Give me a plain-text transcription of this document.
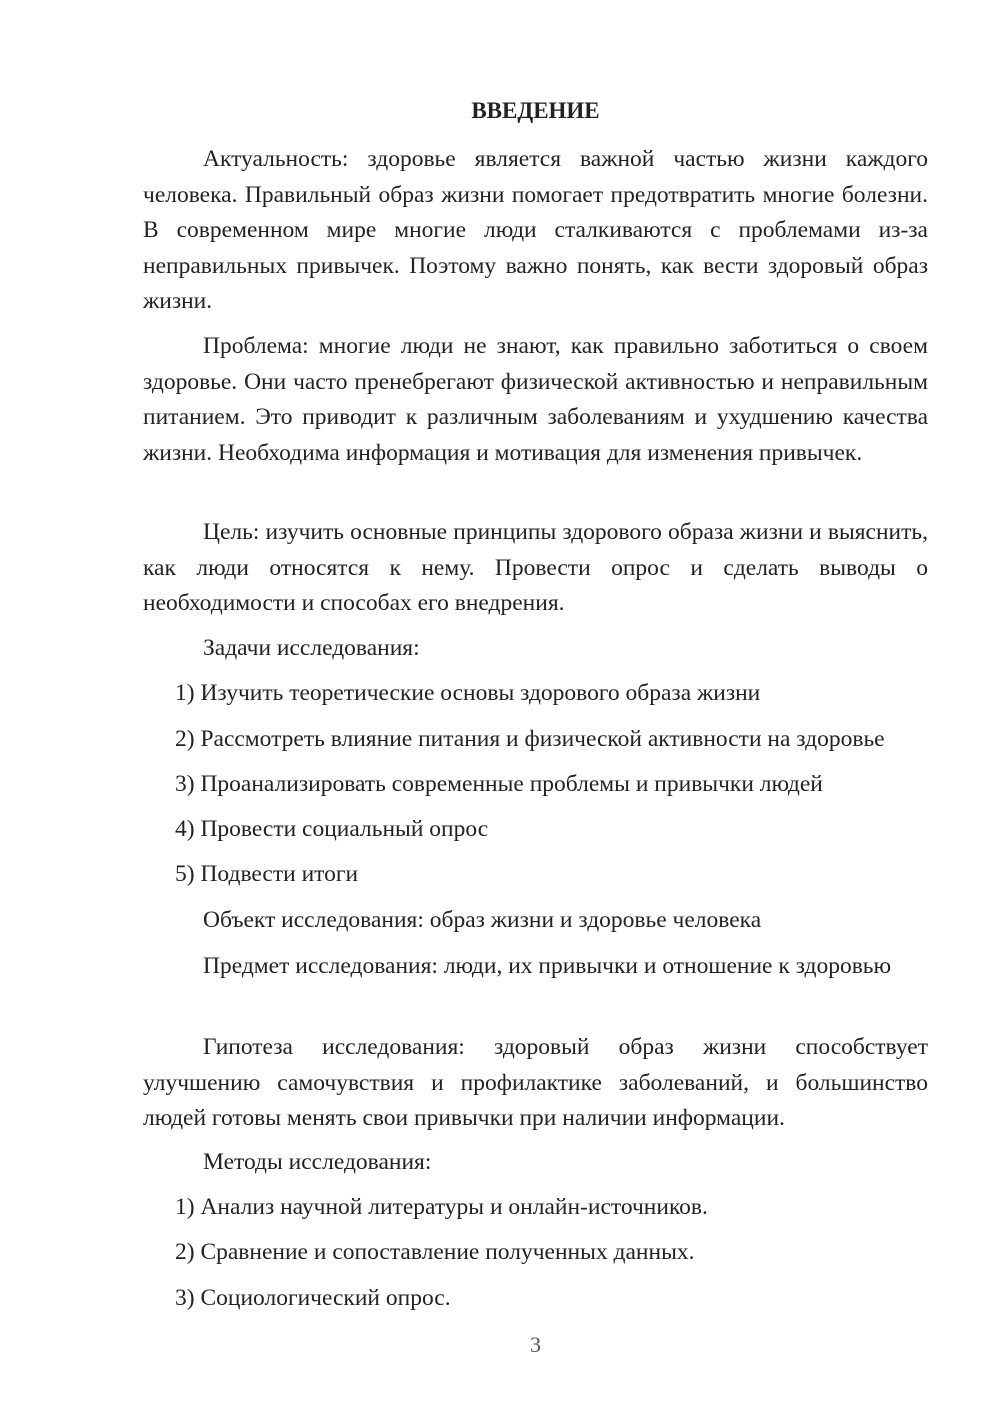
ВВЕДЕНИЕ

Актуальность: здоровье является важной частью жизни каждого человека. Правильный образ жизни помогает предотвратить многие болезни. В современном мире многие люди сталкиваются с проблемами из-за неправильных привычек. Поэтому важно понять, как вести здоровый образ жизни.

Проблема: многие люди не знают, как правильно заботиться о своем здоровье. Они часто пренебрегают физической активностью и неправильным питанием. Это приводит к различным заболеваниям и ухудшению качества жизни. Необходима информация и мотивация для изменения привычек.

Цель: изучить основные принципы здорового образа жизни и выяснить, как люди относятся к нему. Провести опрос и сделать выводы о необходимости и способах его внедрения.

Задачи исследования:

1) Изучить теоретические основы здорового образа жизни

2) Рассмотреть влияние питания и физической активности на здоровье

3) Проанализировать современные проблемы и привычки людей

4) Провести социальный опрос

5) Подвести итоги

Объект исследования: образ жизни и здоровье человека

Предмет исследования: люди, их привычки и отношение к здоровью

Гипотеза исследования: здоровый образ жизни способствует улучшению самочувствия и профилактике заболеваний, и большинство людей готовы менять свои привычки при наличии информации.

Методы исследования:

1) Анализ научной литературы и онлайн-источников.

2) Сравнение и сопоставление полученных данных.

3) Социологический опрос.

3
